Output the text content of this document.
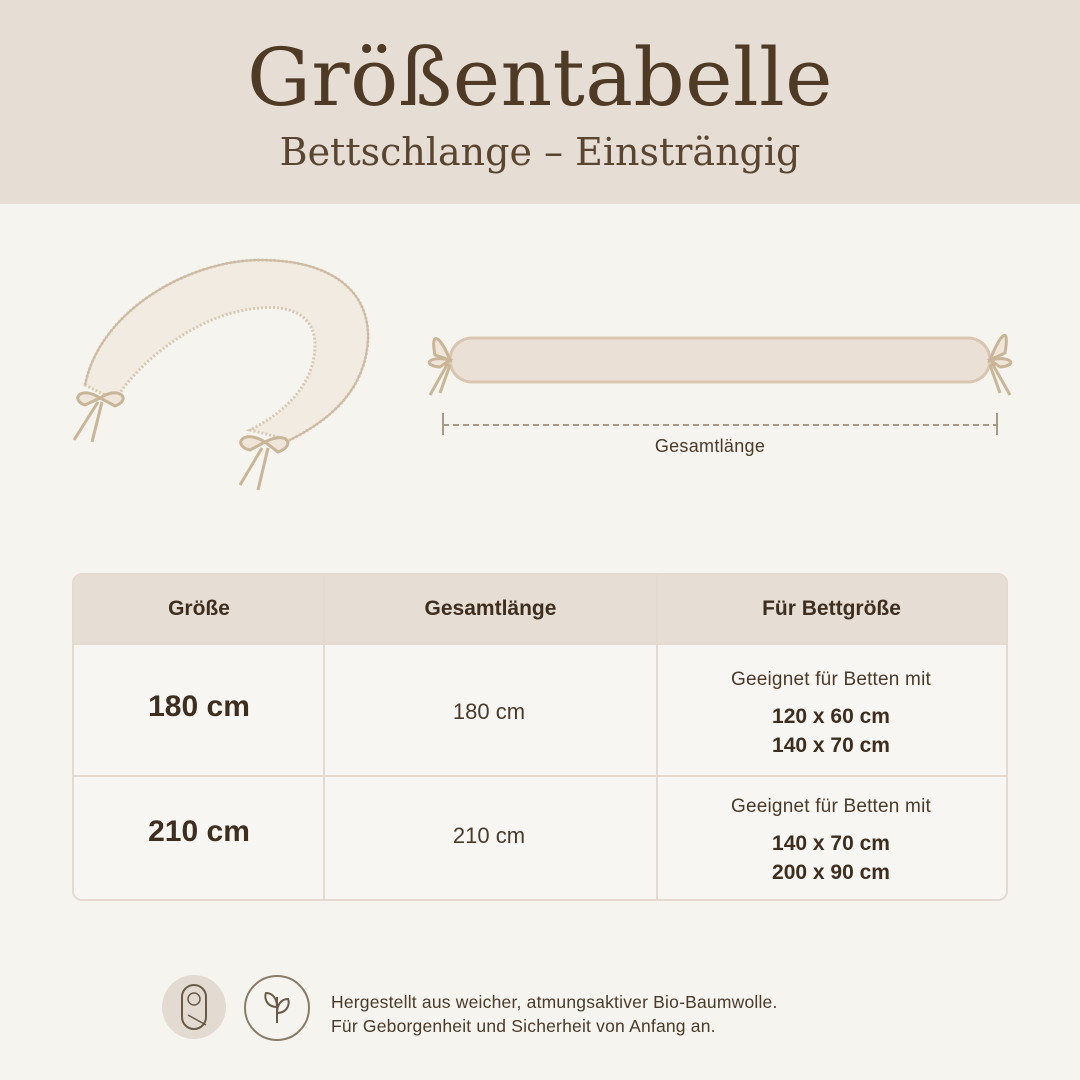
Größentabelle
Bettschlange – Einsträngig
Gesamtlänge
Größe	Gesamtlänge	Für Bettgröße
180 cm	180 cm
Geeignet für Betten mit
120 x 60 cm
140 x 70 cm
210 cm	210 cm
Geeignet für Betten mit
140 x 70 cm
200 x 90 cm
Hergestellt aus weicher, atmungsaktiver Bio-Baumwolle.
Für Geborgenheit und Sicherheit von Anfang an.
